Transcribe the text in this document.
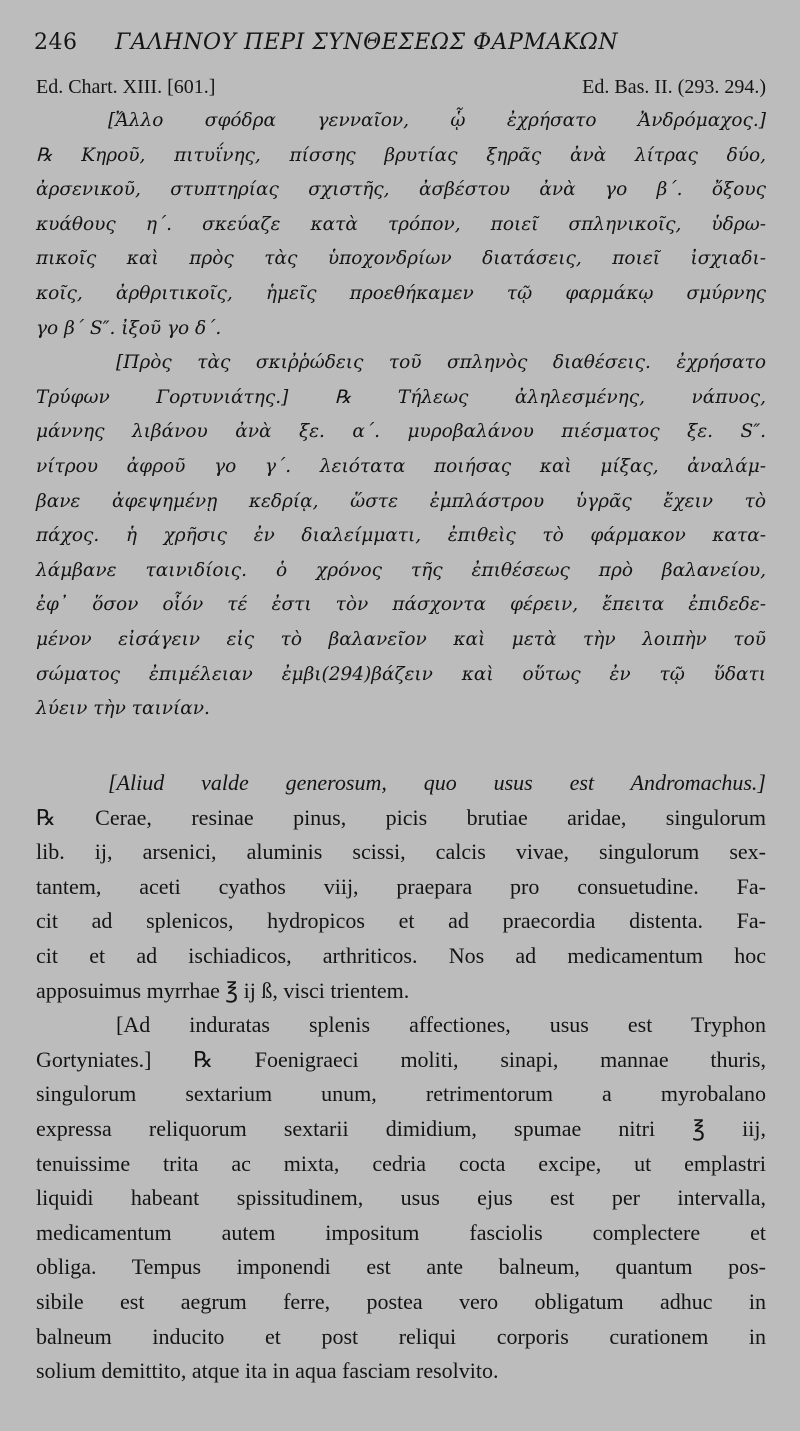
246 ΓΑΛΗΝΟΥ ΠΕΡΙ ΣΥΝΘΕΣΕΩΣ ΦΑΡΜΑΚΩΝ
Ed. Chart. XIII. [601.]	Ed. Bas. II. (293. 294.)

[Ἄλλο σφόδρα γενναῖον, ᾧ ἐχρήσατο Ἀνδρόμαχος.]

℞ Κηροῦ, πιτυΐνης, πίσσης βρυτίας ξηρᾶς ἀνὰ λίτρας δύο,

ἀρσενικοῦ, στυπτηρίας σχιστῆς, ἀσβέστου ἀνὰ γο β΄. ὄξους

κυάθους η΄. σκεύαζε κατὰ τρόπον, ποιεῖ σπληνικοῖς, ὑδρω-

πικοῖς καὶ πρὸς τὰς ὑποχονδρίων διατάσεις, ποιεῖ ἰσχιαδι-

κοῖς, ἀρθριτικοῖς, ἡμεῖς προεθήκαμεν τῷ φαρμάκῳ σμύρνης

γο β΄ S″. ἰξοῦ γο δ΄.

[Πρὸς τὰς σκιῤῥώδεις τοῦ σπληνὸς διαθέσεις. ἐχρήσατο

Τρύφων Γορτυνιάτης.] ℞ Τήλεως ἀληλεσμένης, νάπυος,

μάννης λιβάνου ἀνὰ ξε. α΄. μυροβαλάνου πιέσματος ξε. S″.

νίτρου ἀφροῦ γο γ΄. λειότατα ποιήσας καὶ μίξας, ἀναλάμ-

βανε ἀφεψημένῃ κεδρίᾳ, ὥστε ἐμπλάστρου ὑγρᾶς ἔχειν τὸ

πάχος. ἡ χρῆσις ἐν διαλείμματι, ἐπιθεὶς τὸ φάρμακον κατα-

λάμβανε ταινιδίοις. ὁ χρόνος τῆς ἐπιθέσεως πρὸ βαλανείου,

ἐφ᾽ ὅσον οἷόν τέ ἐστι τὸν πάσχοντα φέρειν, ἔπειτα ἐπιδεδε-

μένον εἰσάγειν εἰς τὸ βαλανεῖον καὶ μετὰ τὴν λοιπὴν τοῦ

σώματος ἐπιμέλειαν ἐμβι(294)βάζειν καὶ οὕτως ἐν τῷ ὕδατι

λύειν τὴν ταινίαν.

[Aliud valde generosum, quo usus est Andromachus.]

℞ Cerae, resinae pinus, picis brutiae aridae, singulorum

lib. ij, arsenici, aluminis scissi, calcis vivae, singulorum sex-

tantem, aceti cyathos viij, praepara pro consuetudine. Fa-

cit ad splenicos, hydropicos et ad praecordia distenta. Fa-

cit et ad ischiadicos, arthriticos. Nos ad medicamentum hoc

apposuimus myrrhae ℥ ij ß, visci trientem.

[Ad induratas splenis affectiones, usus est Tryphon

Gortyniates.] ℞ Foenigraeci moliti, sinapi, mannae thuris,

singulorum sextarium unum, retrimentorum a myrobalano

expressa reliquorum sextarii dimidium, spumae nitri ℥ iij,

tenuissime trita ac mixta, cedria cocta excipe, ut emplastri

liquidi habeant spissitudinem, usus ejus est per intervalla,

medicamentum autem impositum fasciolis complectere et

obliga. Tempus imponendi est ante balneum, quantum pos-

sibile est aegrum ferre, postea vero obligatum adhuc in

balneum inducito et post reliqui corporis curationem in

solium demittito, atque ita in aqua fasciam resolvito.
